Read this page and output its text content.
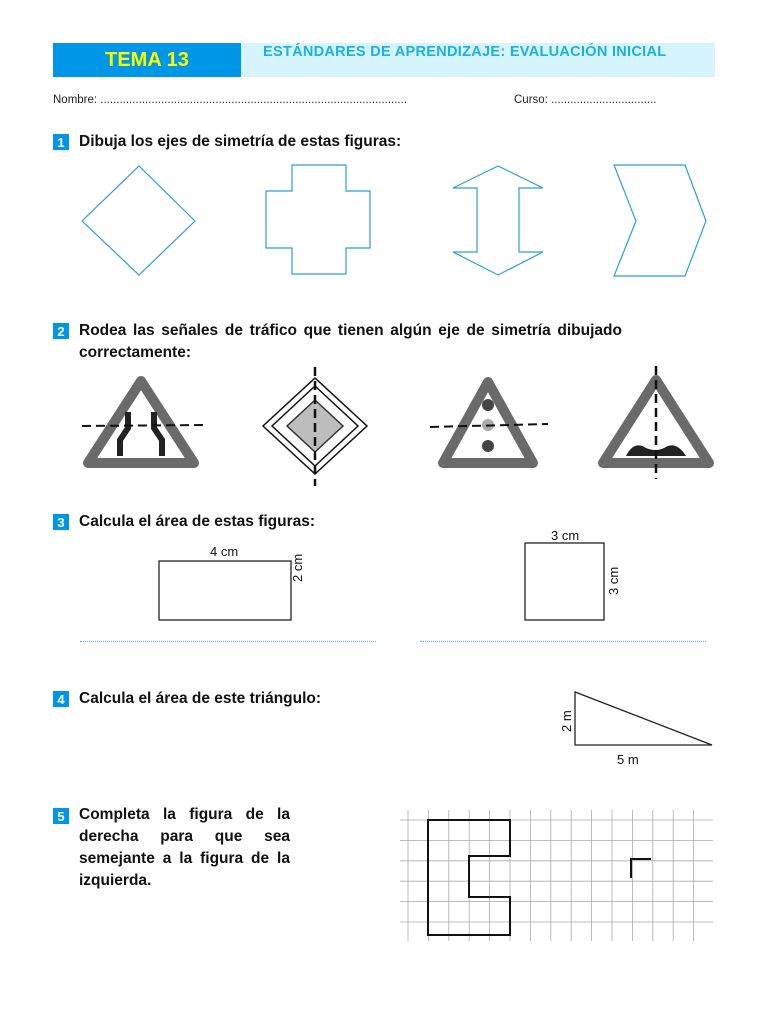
TEMA 13	ESTÁNDARES DE APRENDIZAJE: EVALUACIÓN INICIAL
Nombre: ................................................................................................	Curso: .................................
1 Dibuja los ejes de simetría de estas figuras:
2 Rodea las señales de tráfico que tienen algún eje de simetría dibujado correctamente:
3 Calcula el área de estas figuras:
4 cm
2 cm
3 cm
3 cm
4 Calcula el área de este triángulo:
2 m
5 m
5 Completa la figura de la derecha para que sea semejante a la figura de la izquierda.
